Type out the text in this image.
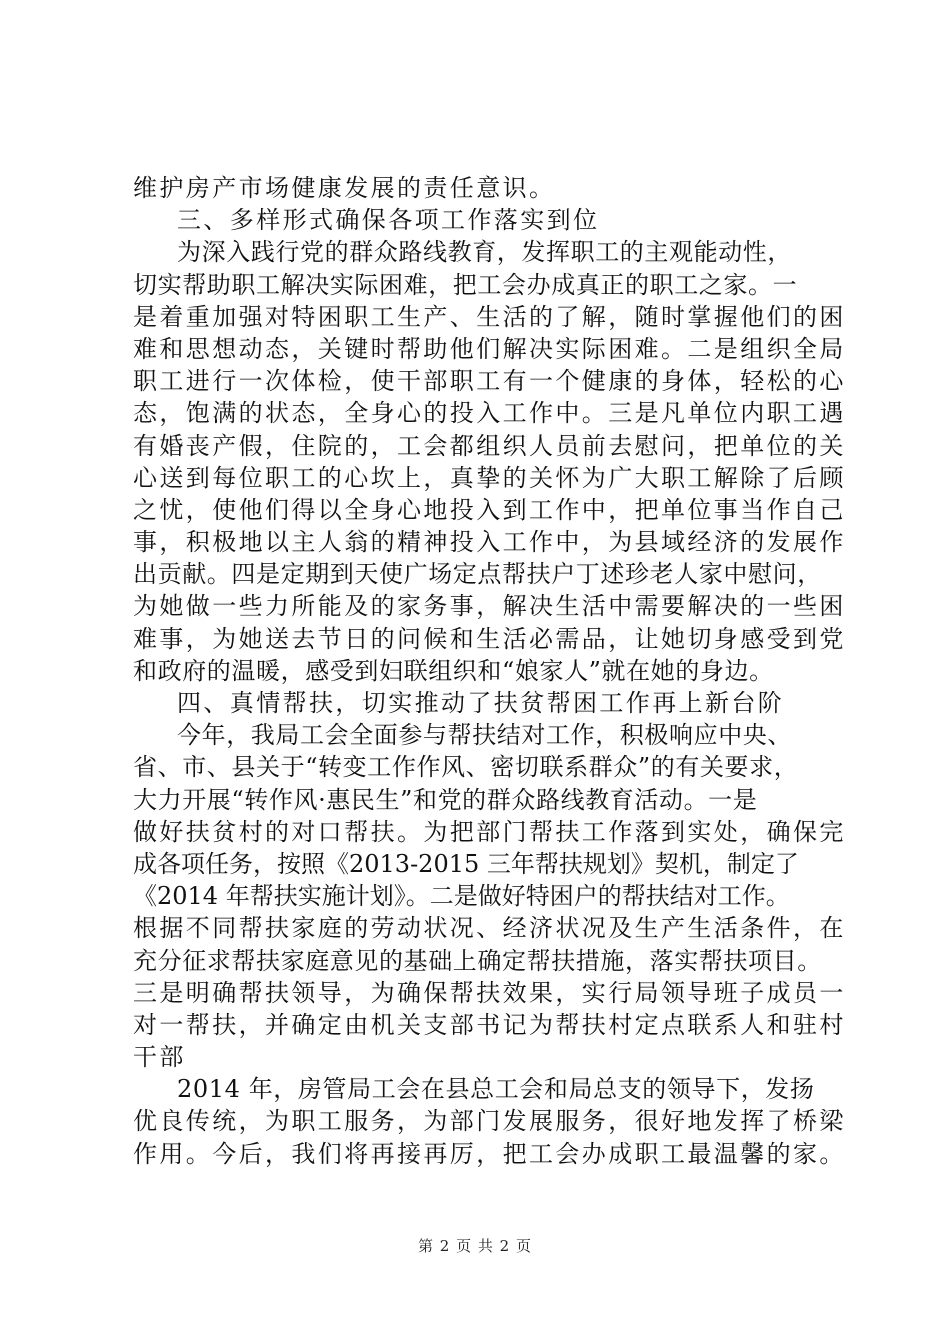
维护房产市场健康发展的责任意识。
三、多样形式确保各项工作落实到位
为深入践行党的群众路线教育，发挥职工的主观能动性，
切实帮助职工解决实际困难，把工会办成真正的职工之家。一
是着重加强对特困职工生产、生活的了解，随时掌握他们的困
难和思想动态，关键时帮助他们解决实际困难。二是组织全局
职工进行一次体检，使干部职工有一个健康的身体，轻松的心
态，饱满的状态，全身心的投入工作中。三是凡单位内职工遇
有婚丧产假，住院的，工会都组织人员前去慰问，把单位的关
心送到每位职工的心坎上，真挚的关怀为广大职工解除了后顾
之忧，使他们得以全身心地投入到工作中，把单位事当作自己
事，积极地以主人翁的精神投入工作中，为县域经济的发展作
出贡献。四是定期到天使广场定点帮扶户丁述珍老人家中慰问，
为她做一些力所能及的家务事，解决生活中需要解决的一些困
难事，为她送去节日的问候和生活必需品，让她切身感受到党
和政府的温暖，感受到妇联组织和“娘家人”就在她的身边。
四、真情帮扶，切实推动了扶贫帮困工作再上新台阶
今年，我局工会全面参与帮扶结对工作，积极响应中央、
省、市、县关于“转变工作作风、密切联系群众”的有关要求，
大力开展“转作风·惠民生”和党的群众路线教育活动。一是
做好扶贫村的对口帮扶。为把部门帮扶工作落到实处，确保完
成各项任务，按照《2013-2015 三年帮扶规划》契机，制定了
《2014 年帮扶实施计划》。二是做好特困户的帮扶结对工作。
根据不同帮扶家庭的劳动状况、经济状况及生产生活条件，在
充分征求帮扶家庭意见的基础上确定帮扶措施，落实帮扶项目。
三是明确帮扶领导，为确保帮扶效果，实行局领导班子成员一
对一帮扶，并确定由机关支部书记为帮扶村定点联系人和驻村
干部
2014 年，房管局工会在县总工会和局总支的领导下，发扬
优良传统，为职工服务，为部门发展服务，很好地发挥了桥梁
作用。今后，我们将再接再厉，把工会办成职工最温馨的家。
第 2 页 共 2 页
